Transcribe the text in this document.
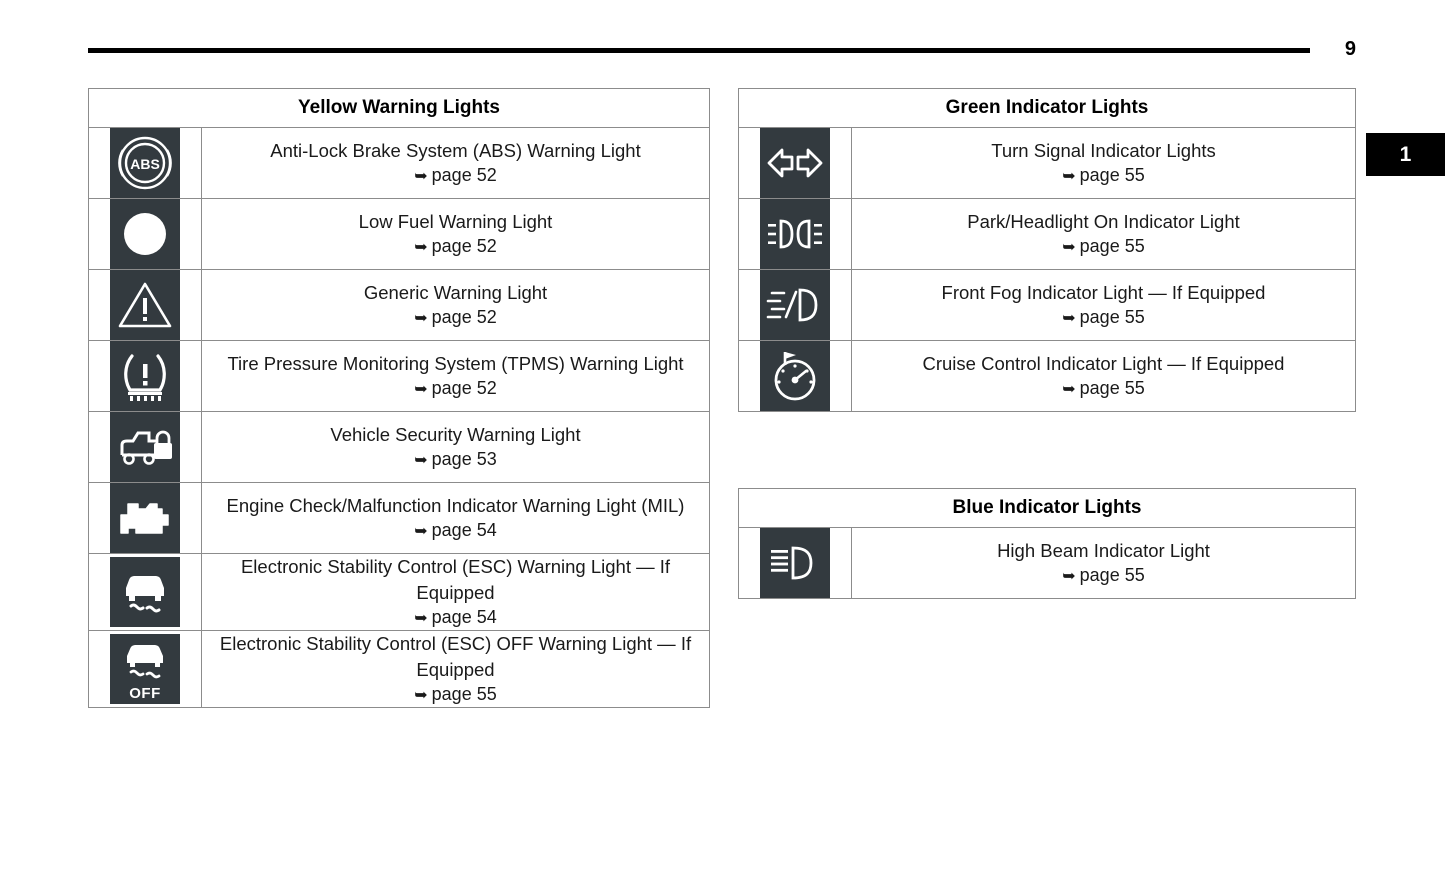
9
1
Yellow Warning Lights	

ABS	Anti-Lock Brake System (ABS) Warning Light
➥ page 52

Low Fuel Warning Light
➥ page 52

Generic Warning Light
➥ page 52

Tire Pressure Monitoring System (TPMS) Warning Light
➥ page 52

Vehicle Security Warning Light
➥ page 53

Engine Check/Malfunction Indicator Warning Light (MIL)
➥ page 54

Electronic Stability Control (ESC) Warning Light — If Equipped
➥ page 54

OFF	Electronic Stability Control (ESC) OFF Warning Light — If Equipped
➥ page 55
Green Indicator Lights	

Turn Signal Indicator Lights
➥ page 55

Park/Headlight On Indicator Light
➥ page 55

Front Fog Indicator Light — If Equipped
➥ page 55

Cruise Control Indicator Light — If Equipped
➥ page 55
Blue Indicator Lights

High Beam Indicator Light
➥ page 55
